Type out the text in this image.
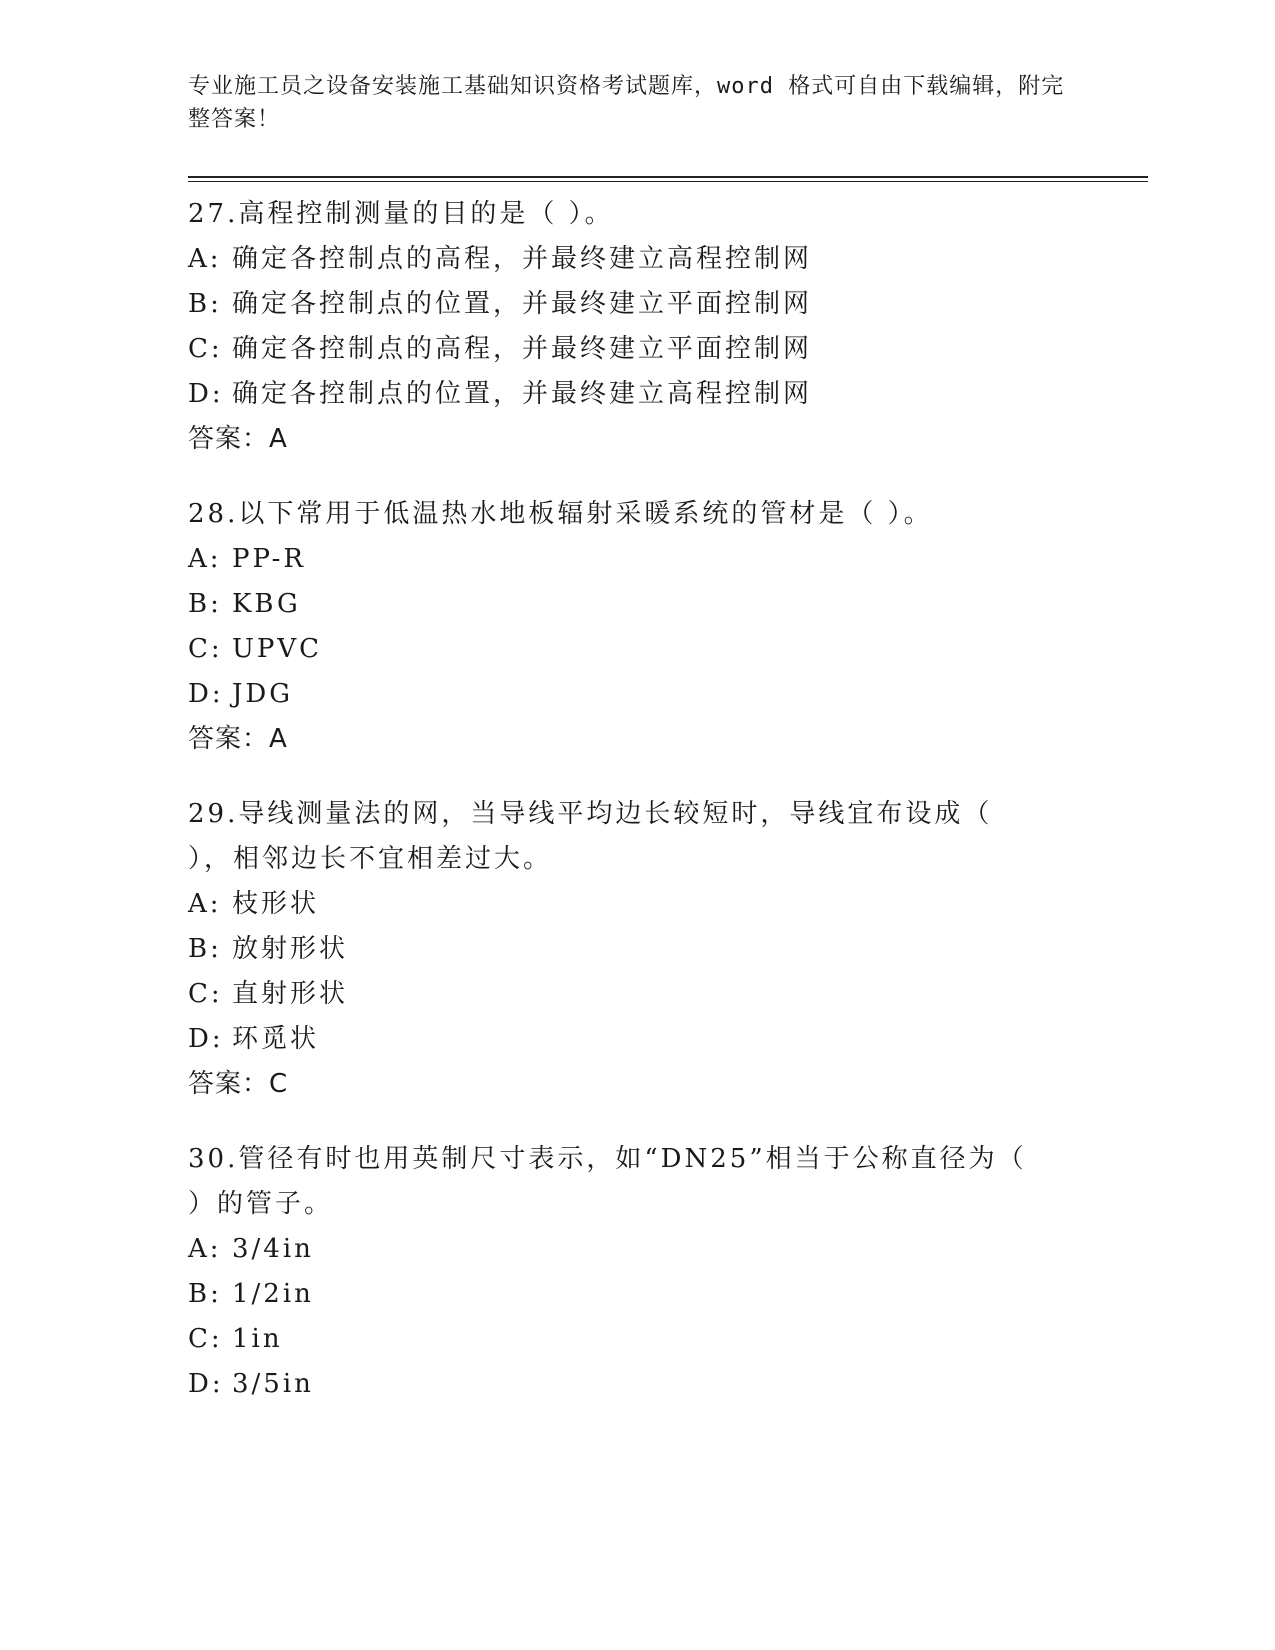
专业施工员之设备安装施工基础知识资格考试题库，word 格式可自由下载编辑，附完整答案！

27.高程控制测量的目的是（ ）。

A: 确定各控制点的高程，并最终建立高程控制网

B: 确定各控制点的位置，并最终建立平面控制网

C: 确定各控制点的高程，并最终建立平面控制网

D: 确定各控制点的位置，并最终建立高程控制网

答案：A

28.以下常用于低温热水地板辐射采暖系统的管材是（ ）。

A: PP-R

B: KBG

C: UPVC

D: JDG

答案：A

29.导线测量法的网，当导线平均边长较短时，导线宜布设成（ ），相邻边长不宜相差过大。

A: 枝形状

B: 放射形状

C: 直射形状

D: 环觅状

答案：C

30.管径有时也用英制尺寸表示，如“DN25”相当于公称直径为（ ）的管子。

A: 3/4in

B: 1/2in

C: 1in

D: 3/5in
